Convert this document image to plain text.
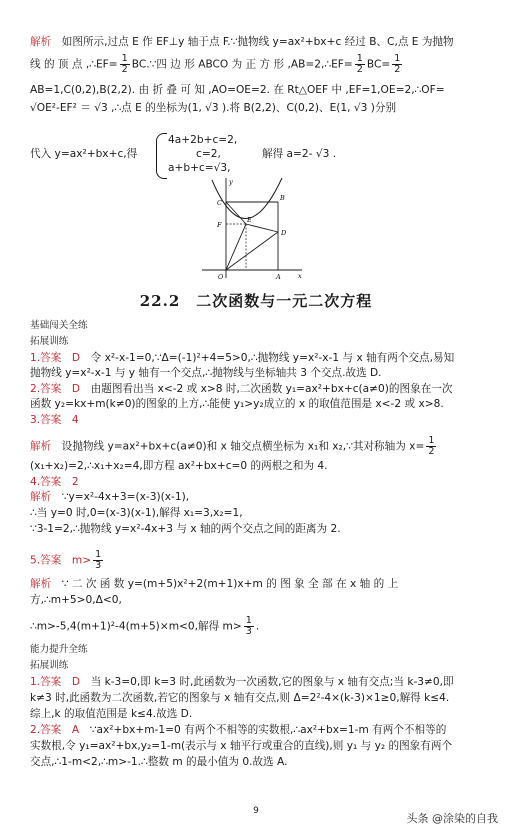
解析　如图所示,过点 E 作 EF⊥y 轴于点 F.∵抛物线 y=ax²+bx+c 经过 B、C,点 E 为抛物
线 的 顶 点 ,∴EF= $\frac{1}{2}$ BC.∵四 边 形 ABCO 为 正 方 形 ,AB=2,∴EF= $\frac{1}{2} BC= \frac{1}{2}$
AB=1,C(0,2),B(2,2). 由 折 叠 可 知 ,AO=OE=2. 在 Rt△OEF 中 ,EF=1,OE=2,∴OF=
√OE²-EF² ＝ √3 ,∴点 E 的坐标为(1, √3 ).将 B(2,2)、C(0,2)、E(1, √3 )分别
代入 y=ax²+bx+c,得
4a+2b+c=2,
c=2,
a+b+c=√3,
解得 a=2- √3 .
y
C
B
E
F
D
A
O	x
22.2　二次函数与一元二次方程
基础闯关全练
拓展训练
1.答案　D　令 x²-x-1=0,∵Δ=(-1)²+4=5>0,∴抛物线 y=x²-x-1 与 x 轴有两个交点,易知
抛物线 y=x²-x-1 与 y 轴有一个交点,∴抛物线与坐标轴共 3 个交点.故选 D.
2.答案　D　由题图看出当 x<-2 或 x>8 时,二次函数 y₁=ax²+bx+c(a≠0)的图象在一次
函数 y₂=kx+m(k≠0)的图象的上方,∴能使 y₁>y₂成立的 x 的取值范围是 x<-2 或 x>8.
3.答案　4
解析　设抛物线 y=ax²+bx+c(a≠0)和 x 轴交点横坐标为 x₁和 x₂,∵其对称轴为 $x= \frac{1}{2}$
(x₁+x₂)=2,∴x₁+x₂=4,即方程 ax²+bx+c=0 的两根之和为 4.
4.答案　2
解析　∵y=x²-4x+3=(x-3)(x-1),
∴当 y=0 时,0=(x-3)(x-1),解得 x₁=3,x₂=1,
∵3-1=2,∴抛物线 y=x²-4x+3 与 x 轴的两个交点之间的距离为 2.
5.答案　$m> \frac{1}{3}$
解析　∵ 二 次 函 数 y=(m+5)x²+2(m+1)x+m 的 图 象 全 部 在 x 轴 的 上
方,∴m+5>0,Δ<0,
∴m>-5,4(m+1)²-4(m+5)×m<0,解得 $m> \frac{1}{3}$ .
能力提升全练
拓展训练
1.答案　D　当 k-3=0,即 k=3 时,此函数为一次函数,它的图象与 x 轴有交点;当 k-3≠0,即
k≠3 时,此函数为二次函数,若它的图象与 x 轴有交点,则 Δ=2²-4×(k-3)×1≥0,解得 k≤4.
综上,k 的取值范围是 k≤4.故选 D.
2.答案　A　∵ax²+bx+m-1=0 有两个不相等的实数根,∴ax²+bx=1-m 有两个不相等的
实数根,令 y₁=ax²+bx,y₂=1-m(表示与 x 轴平行或重合的直线),则 y₁ 与 y₂ 的图象有两个
交点,∴1-m<2,∴m>-1.∴整数 m 的最小值为 0.故选 A.
9
头条 @涂染的自我
